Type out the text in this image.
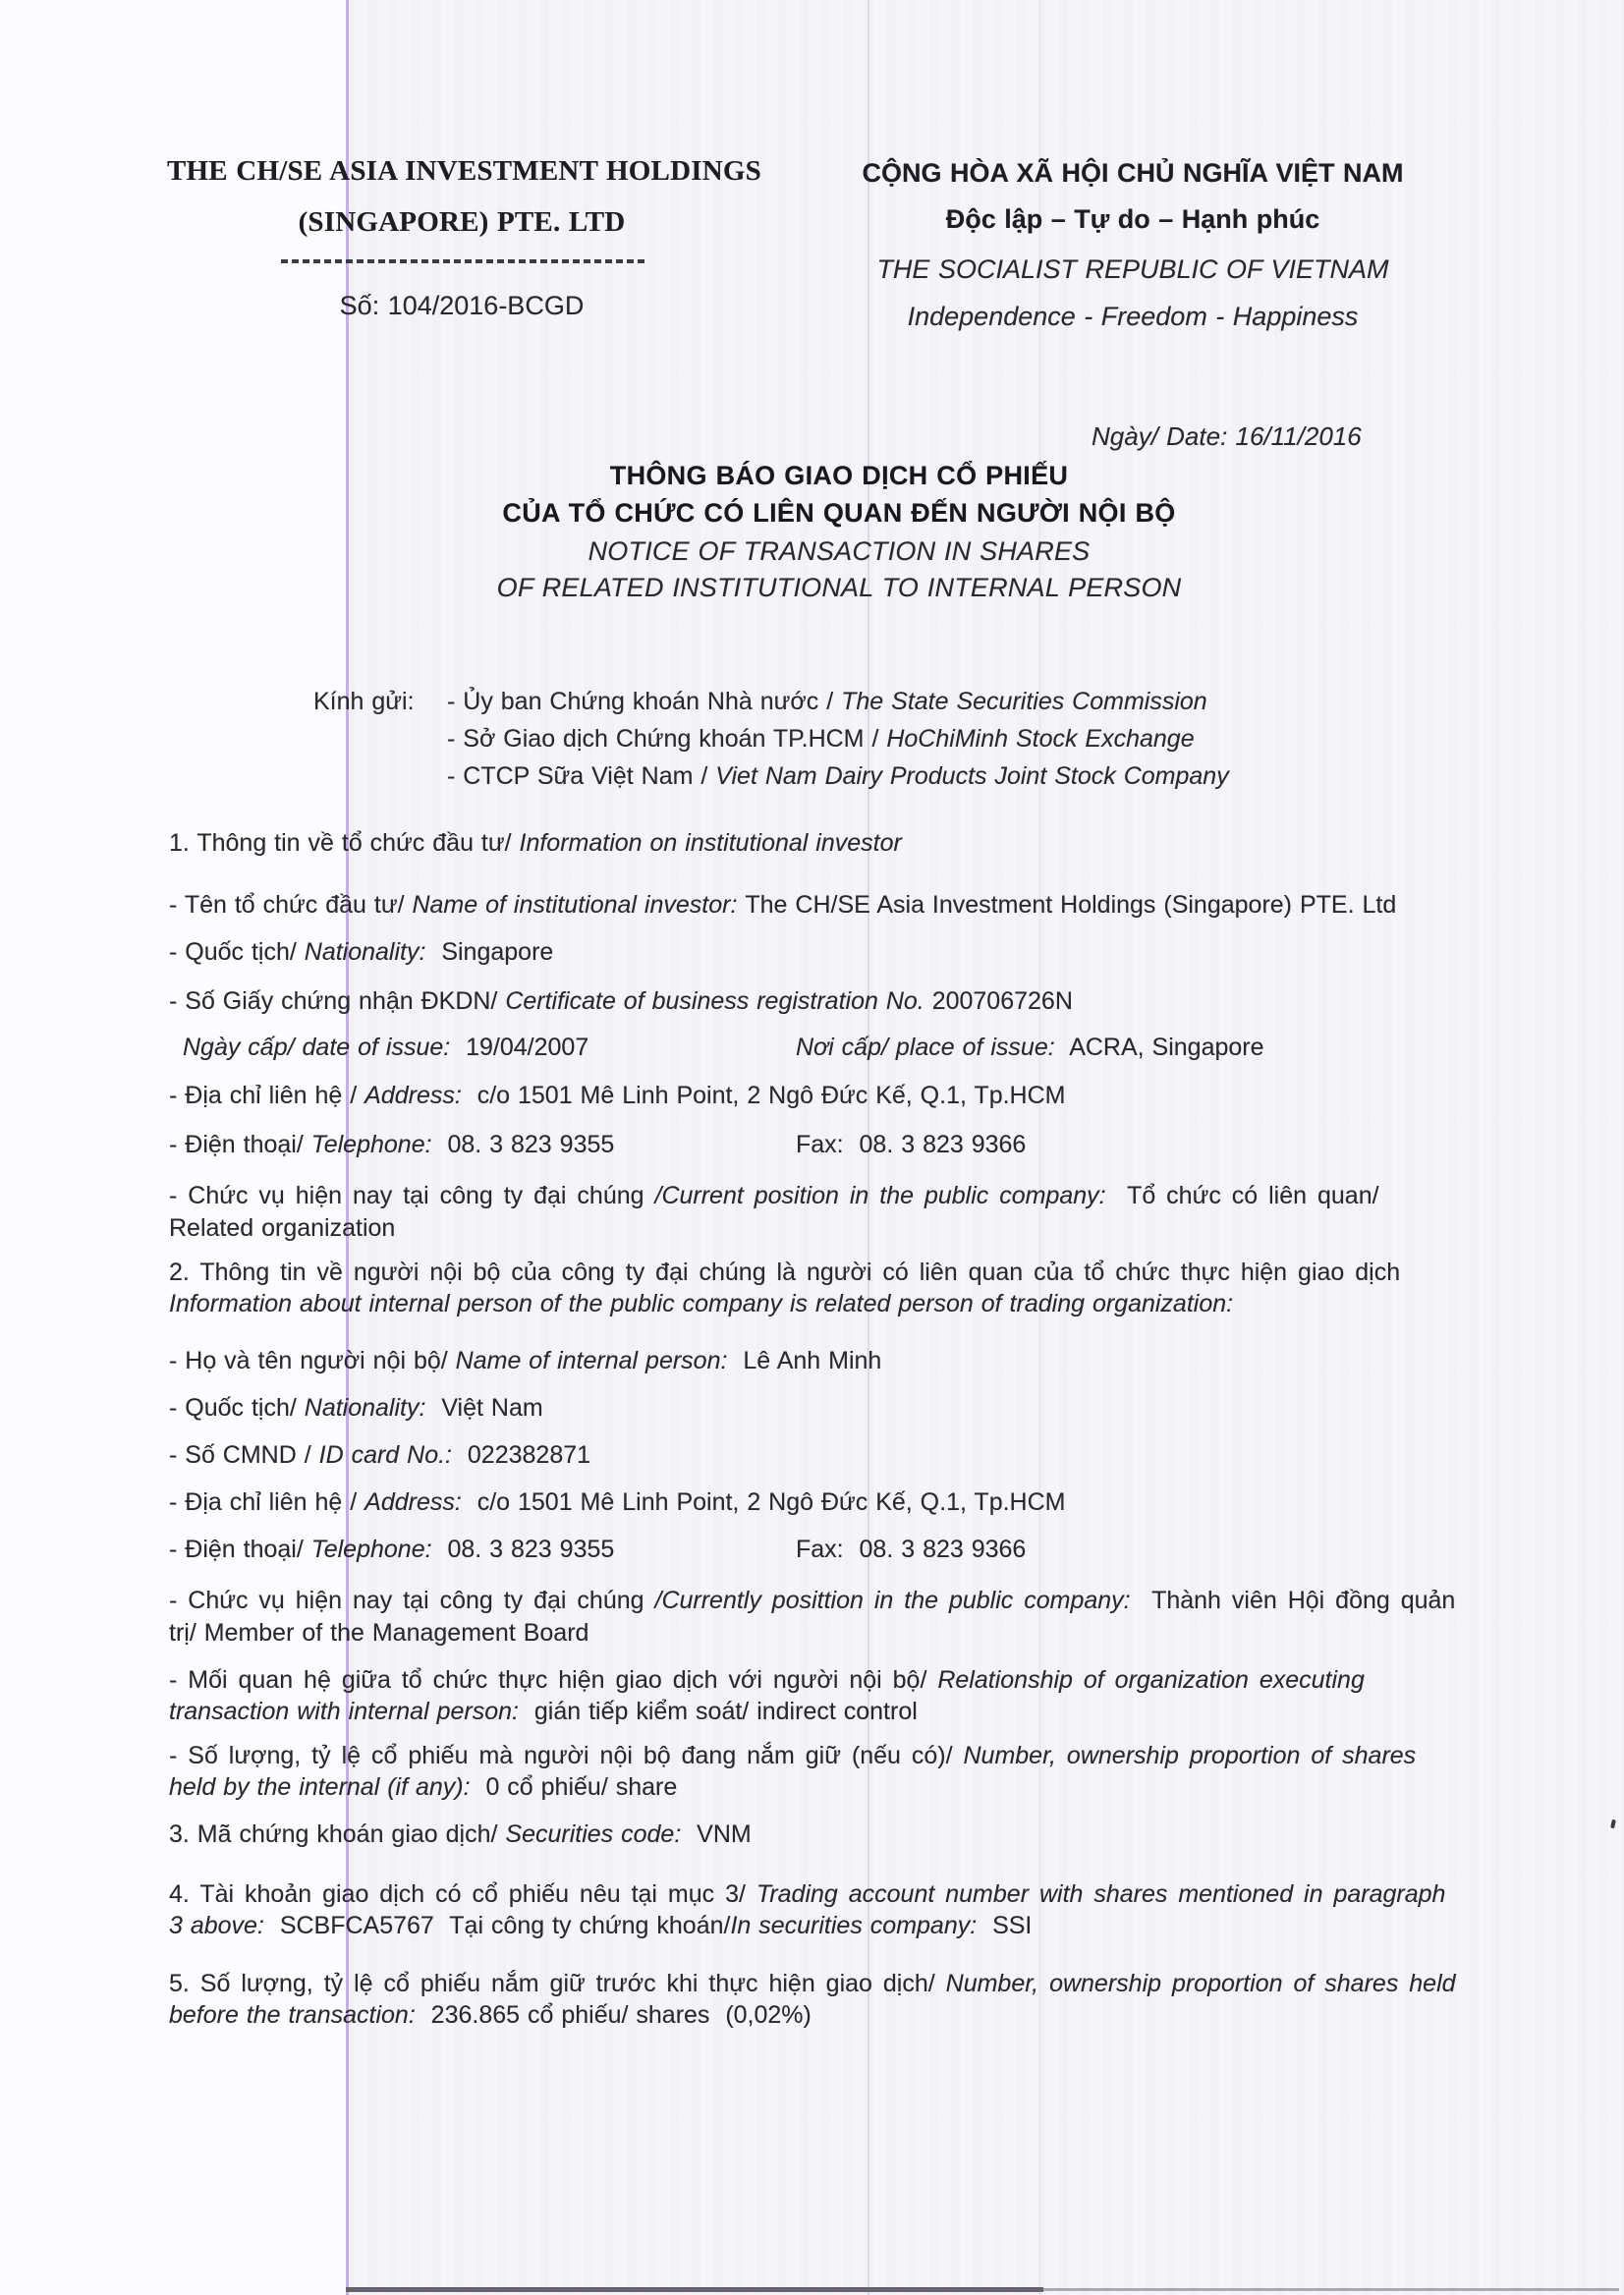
THE CH/SE ASIA INVESTMENT HOLDINGS
(SINGAPORE) PTE. LTD
Số: 104/2016-BCGD
CỘNG HÒA XÃ HỘI CHỦ NGHĨA VIỆT NAM
Độc lập – Tự do – Hạnh phúc
THE SOCIALIST REPUBLIC OF VIETNAM
Independence - Freedom - Happiness
Ngày/ Date: 16/11/2016
THÔNG BÁO GIAO DỊCH CỔ PHIẾU
CỦA TỔ CHỨC CÓ LIÊN QUAN ĐẾN NGƯỜI NỘI BỘ
NOTICE OF TRANSACTION IN SHARES
OF RELATED INSTITUTIONAL TO INTERNAL PERSON
Kính gửi: - Ủy ban Chứng khoán Nhà nước / The State Securities Commission
- Sở Giao dịch Chứng khoán TP.HCM / HoChiMinh Stock Exchange
- CTCP Sữa Việt Nam / Viet Nam Dairy Products Joint Stock Company
1. Thông tin về tổ chức đầu tư/ Information on institutional investor
- Tên tổ chức đầu tư/ Name of institutional investor: The CH/SE Asia Investment Holdings (Singapore) PTE. Ltd
- Quốc tịch/ Nationality:  Singapore
- Số Giấy chứng nhận ĐKDN/ Certificate of business registration No. 200706726N
Ngày cấp/ date of issue:  19/04/2007	Nơi cấp/ place of issue:  ACRA, Singapore
- Địa chỉ liên hệ / Address:  c/o 1501 Mê Linh Point, 2 Ngô Đức Kế, Q.1, Tp.HCM
- Điện thoại/ Telephone:  08. 3 823 9355	Fax:  08. 3 823 9366
- Chức vụ hiện nay tại công ty đại chúng /Current position in the public company:  Tổ chức có liên quan/
Related organization
2. Thông tin về người nội bộ của công ty đại chúng là người có liên quan của tổ chức thực hiện giao dịch
Information about internal person of the public company is related person of trading organization:
- Họ và tên người nội bộ/ Name of internal person:  Lê Anh Minh
- Quốc tịch/ Nationality:  Việt Nam
- Số CMND / ID card No.:  022382871
- Địa chỉ liên hệ / Address:  c/o 1501 Mê Linh Point, 2 Ngô Đức Kế, Q.1, Tp.HCM
- Điện thoại/ Telephone:  08. 3 823 9355	Fax:  08. 3 823 9366
- Chức vụ hiện nay tại công ty đại chúng /Currently posittion in the public company:  Thành viên Hội đồng quản
trị/ Member of the Management Board
- Mối quan hệ giữa tổ chức thực hiện giao dịch với người nội bộ/ Relationship of organization executing
transaction with internal person:  gián tiếp kiểm soát/ indirect control
- Số lượng, tỷ lệ cổ phiếu mà người nội bộ đang nắm giữ (nếu có)/ Number, ownership proportion of shares
held by the internal (if any):  0 cổ phiếu/ share
3. Mã chứng khoán giao dịch/ Securities code:  VNM
4. Tài khoản giao dịch có cổ phiếu nêu tại mục 3/ Trading account number with shares mentioned in paragraph
3 above:  SCBFCA5767  Tại công ty chứng khoán/In securities company:  SSI
5. Số lượng, tỷ lệ cổ phiếu nắm giữ trước khi thực hiện giao dịch/ Number, ownership proportion of shares held
before the transaction:  236.865 cổ phiếu/ shares  (0,02%)
